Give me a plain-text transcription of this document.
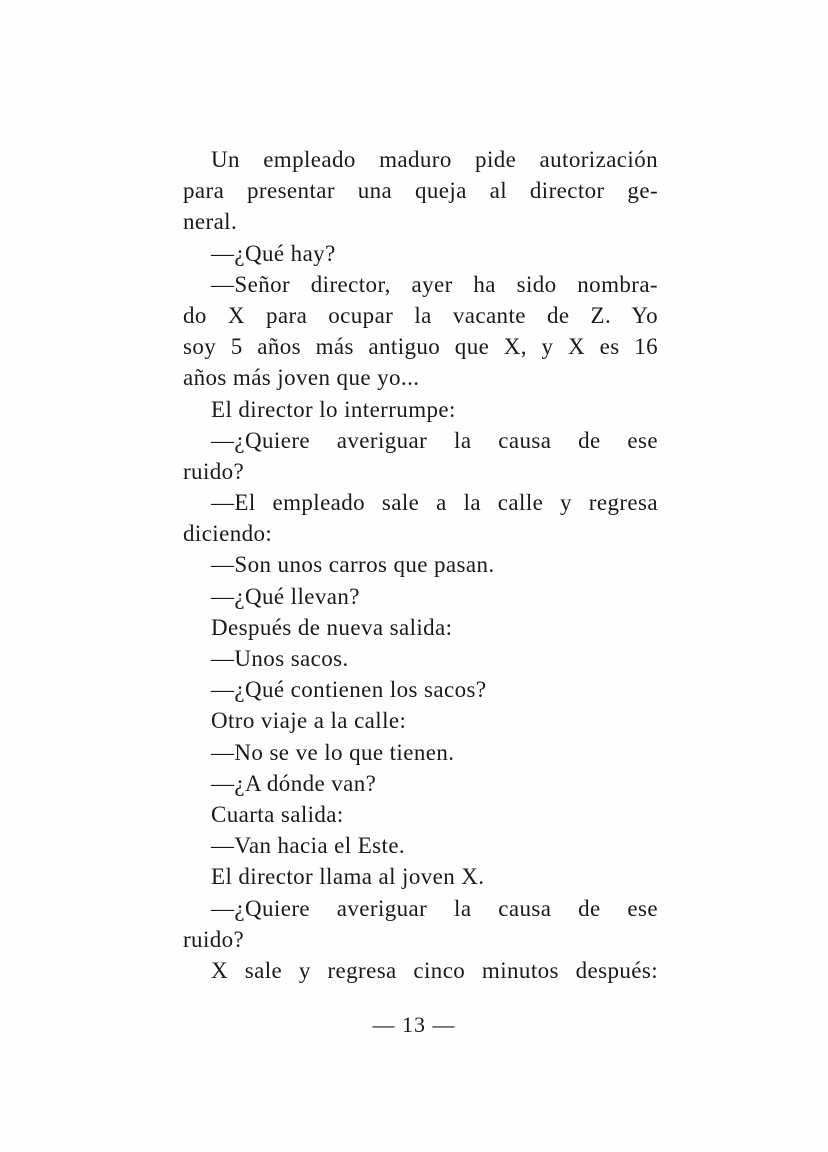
Un empleado maduro pide autorización
para presentar una queja al director ge-
neral.
—¿Qué hay?
—Señor director, ayer ha sido nombra-
do X para ocupar la vacante de Z. Yo
soy 5 años más antiguo que X, y X es 16
años más joven que yo...
El director lo interrumpe:
—¿Quiere averiguar la causa de ese
ruido?
—El empleado sale a la calle y regresa
diciendo:
—Son unos carros que pasan.
—¿Qué llevan?
Después de nueva salida:
—Unos sacos.
—¿Qué contienen los sacos?
Otro viaje a la calle:
—No se ve lo que tienen.
—¿A dónde van?
Cuarta salida:
—Van hacia el Este.
El director llama al joven X.
—¿Quiere averiguar la causa de ese
ruido?
X sale y regresa cinco minutos después:
— 13 —
